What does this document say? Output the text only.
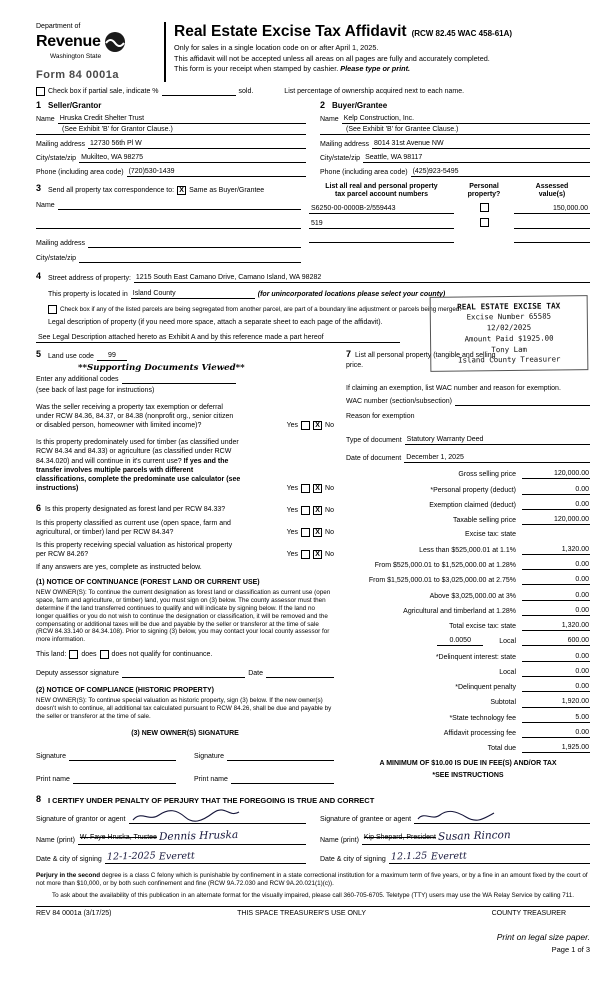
Department of
Revenue
Washington State
Form 84 0001a
Real Estate Excise Tax Affidavit (RCW 82.45 WAC 458-61A)
Only for sales in a single location code on or after April 1, 2025.
This affidavit will not be accepted unless all areas on all pages are fully and accurately completed.
This form is your receipt when stamped by cashier. Please type or print.
Check box if partial sale, indicate %	sold.	List percentage of ownership acquired next to each name.
1 Seller/Grantor
Name Hruska Credit Shelter Trust
(See Exhibit 'B' for Grantor Clause.)
Mailing address 12730 56th Pl W
City/state/zip Mukilteo, WA 98275
Phone (including area code) (720)530-1439
2 Buyer/Grantee
Name Kelp Construction, Inc.
(See Exhibit 'B' for Grantee Clause.)
Mailing address 8014 31st Avenue NW
City/state/zip Seattle, WA 98117
Phone (including area code) (425)923-5495
3 Send all property tax correspondence to: X Same as Buyer/Grantee
Name
Mailing address
City/state/zip
List all real and personal property
tax parcel account numbers
Personal
property?
Assessed
value(s)
S6250-00-0000B-2/559443	150,000.00
519
4 Street address of property: 1215 South East Camano Drive, Camano Island, WA 98282
This property is located in Island County	(for unincorporated locations please select your county)
Check box if any of the listed parcels are being segregated from another parcel, are part of a boundary line adjustment or parcels being merged.
Legal description of property (if you need more space, attach a separate sheet to each page of the affidavit).
See Legal Description attached hereto as Exhibit A and by this reference made a part hereof
REAL ESTATE EXCISE TAX
Excise Number 65585
12/02/2025
Amount Paid $1925.00
Tony Lam
Island County Treasurer
5 Land use code	99
**Supporting Documents Viewed**
Enter any additional codes
(see back of last page for instructions)

Was the seller receiving a property tax exemption or deferral under RCW 84.36, 84.37, or 84.38 (nonprofit org., senior citizen or disabled person, homeowner with limited income)?	Yes	X No

Is this property predominately used for timber (as classified under RCW 84.34 and 84.33) or agriculture (as classified under RCW 84.34.020) and will continue in it's current use? If yes and the transfer involves multiple parcels with different classifications, complete the predominate use calculator (see instructions)	Yes	X No

6 Is this property designated as forest land per RCW 84.33?	Yes	X No

Is this property classified as current use (open space, farm and agricultural, or timber) land per RCW 84.34?	Yes	X No

Is this property receiving special valuation as historical property per RCW 84.26?	Yes	X No
If any answers are yes, complete as instructed below.
(1) NOTICE OF CONTINUANCE (FOREST LAND OR CURRENT USE)
NEW OWNER(S): To continue the current designation as forest land or classification as current use (open space, farm and agriculture, or timber) land, you must sign on (3) below. The county assessor must then determine if the land transferred continues to qualify and will indicate by signing below. If the land no longer qualifies or you do not wish to continue the designation or classification, it will be removed and the compensating or additional taxes will be due and payable by the seller or transferor at the time of sale (RCW 84.33.140 or 84.34.108). Prior to signing (3) below, you may contact your local county assessor for more information.
This land: does does not qualify for continuance.
Deputy assessor signature	Date
(2) NOTICE OF COMPLIANCE (HISTORIC PROPERTY)
NEW OWNER(S): To continue special valuation as historic property, sign (3) below. If the new owner(s) doesn't wish to continue, all additional tax calculated pursuant to RCW 84.26, shall be due and payable by the seller or transferor at the time of sale.
(3) NEW OWNER(S) SIGNATURE
Signature	Signature
Print name	Print name

7 List all personal property (tangible and selling price.

If claiming an exemption, list WAC number and reason for exemption.
WAC number (section/subsection)
Reason for exemption
Type of document Statutory Warranty Deed
Date of document December 1, 2025
Gross selling price	120,000.00
*Personal property (deduct)	0.00
Exemption claimed (deduct)	0.00
Taxable selling price	120,000.00
Excise tax: state
Less than $525,000.01 at 1.1%	1,320.00
From $525,000.01 to $1,525,000.00 at 1.28%	0.00
From $1,525,000.01 to $3,025,000.00 at 2.75%	0.00
Above $3,025,000.00 at 3%	0.00
Agricultural and timberland at 1.28%	0.00
Total excise tax: state	1,320.00
0.0050	Local	600.00
*Delinquent interest: state	0.00
Local	0.00
*Delinquent penalty	0.00
Subtotal	1,920.00
*State technology fee	5.00
Affidavit processing fee	0.00
Total due	1,925.00
A MINIMUM OF $10.00 IS DUE IN FEE(S) AND/OR TAX
*SEE INSTRUCTIONS
8 I CERTIFY UNDER PENALTY OF PERJURY THAT THE FOREGOING IS TRUE AND CORRECT
Signature of grantor or agent
Name (print) W. Faye Hruska, Trustee Dennis Hruska
Date & city of signing 12-1-2025 Everett
Signature of grantee or agent
Name (print) Kip Shepard, President Susan Rincon
Date & city of signing 12.1.25 Everett
Perjury in the second degree is a class C felony which is punishable by confinement in a state correctional institution for a maximum term of five years, or by a fine in an amount fixed by the court of not more than $10,000, or by both such confinement and fine (RCW 9A.72.030 and RCW 9A.20.021(1)(c)).
To ask about the availability of this publication in an alternate format for the visually impaired, please call 360-705-6705. Teletype (TTY) users may use the WA Relay Service by calling 711.
REV 84 0001a (3/17/25)	THIS SPACE TREASURER'S USE ONLY	COUNTY TREASURER
Print on legal size paper.
Page 1 of 3
